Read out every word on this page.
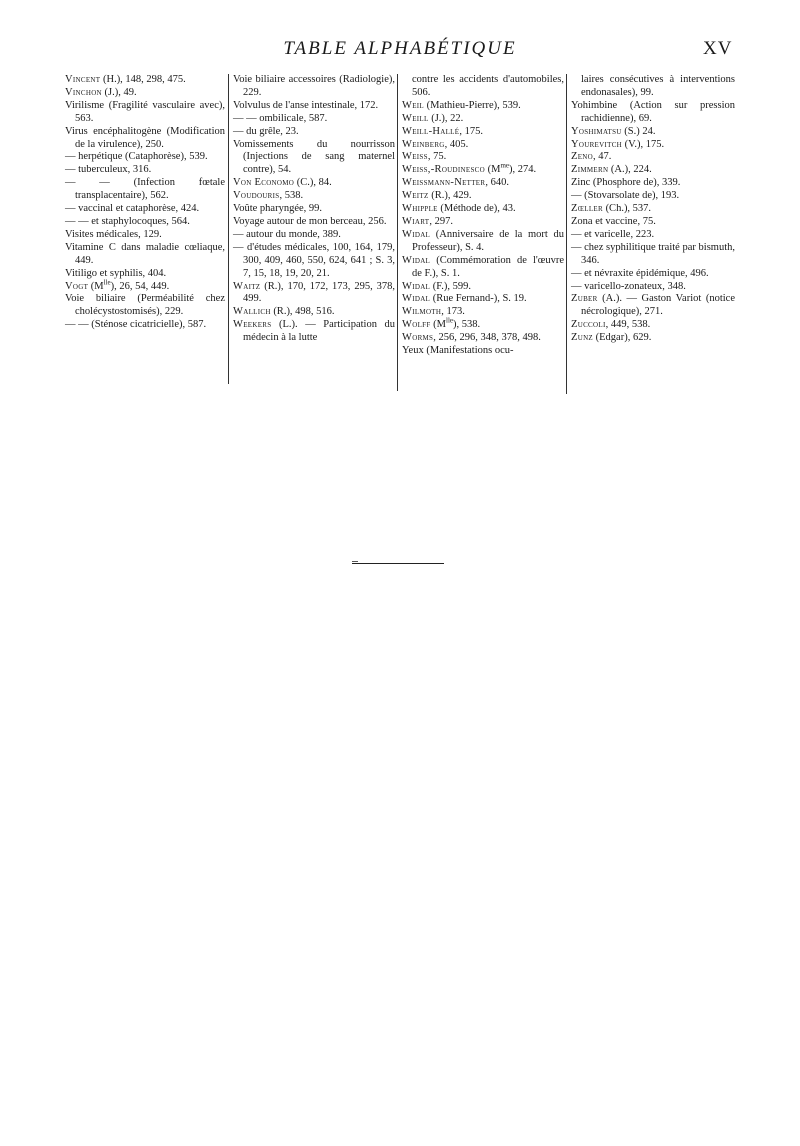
TABLE ALPHABÉTIQUE	XV
Vincent (H.), 148, 298, 475.
Vinchon (J.), 49.
Virilisme (Fragilité vasculaire avec), 563.
Virus encéphalitogène (Modification de la virulence), 250.
— herpétique (Cataphorèse), 539.
— tuberculeux, 316.
— — (Infection fœtale transplacentaire), 562.
— vaccinal et cataphorèse, 424.
— — et staphylocoques, 564.
Visites médicales, 129.
Vitamine C dans maladie cœliaque, 449.
Vitiligo et syphilis, 404.
Vogt $(M^{lle})$, 26, 54, 449.
Voie biliaire (Perméabilité chez cholécystostomisés), 229.
— — (Sténose cicatricielle), 587.
Voie biliaire accessoires (Radiologie), 229.
Volvulus de l'anse intestinale, 172.
— — ombilicale, 587.
— du grêle, 23.
Vomissements du nourrisson (Injections de sang maternel contre), 54.
Von Economo (C.), 84.
Voudouris, 538.
Voûte pharyngée, 99.
Voyage autour de mon berceau, 256.
— autour du monde, 389.
— d'études médicales, 100, 164, 179, 300, 409, 460, 550, 624, 641 ; S. 3, 7, 15, 18, 19, 20, 21.
Waitz (R.), 170, 172, 173, 295, 378, 499.
Wallich (R.), 498, 516.
Weekers (L.). — Participation du médecin à la lutte
contre les accidents d'automobiles, 506.
Weil (Mathieu-Pierre), 539.
Weill (J.), 22.
Weill-Hallé, 175.
Weinberg, 405.
Weiss, 75.
Weiss,-Roudinesco $(M^{me})$, 274.
Weissmann-Netter, 640.
Weitz (R.), 429.
Whipple (Méthode de), 43.
Wiart, 297.
Widal (Anniversaire de la mort du Professeur), S. 4.
Widal (Commémoration de l'œuvre de F.), S. 1.
Widal (F.), 599.
Widal (Rue Fernand-), S. 19.
Wilmoth, 173.
Wolff $(M^{lle})$, 538.
Worms, 256, 296, 348, 378, 498.
Yeux (Manifestations ocu-
laires consécutives à interventions endonasales), 99.
Yohimbine (Action sur pression rachidienne), 69.
Yoshimatsu (S.) 24.
Yourevitch (V.), 175.
Zeno, 47.
Zimmern (A.), 224.
Zinc (Phosphore de), 339.
— (Stovarsolate de), 193.
Zœller (Ch.), 537.
Zona et vaccine, 75.
— et varicelle, 223.
— chez syphilitique traité par bismuth, 346.
— et névraxite épidémique, 496.
— varicello-zonateux, 348.
Zuber (A.). — Gaston Variot (notice nécrologique), 271.
Zuccoli, 449, 538.
Zunz (Edgar), 629.
